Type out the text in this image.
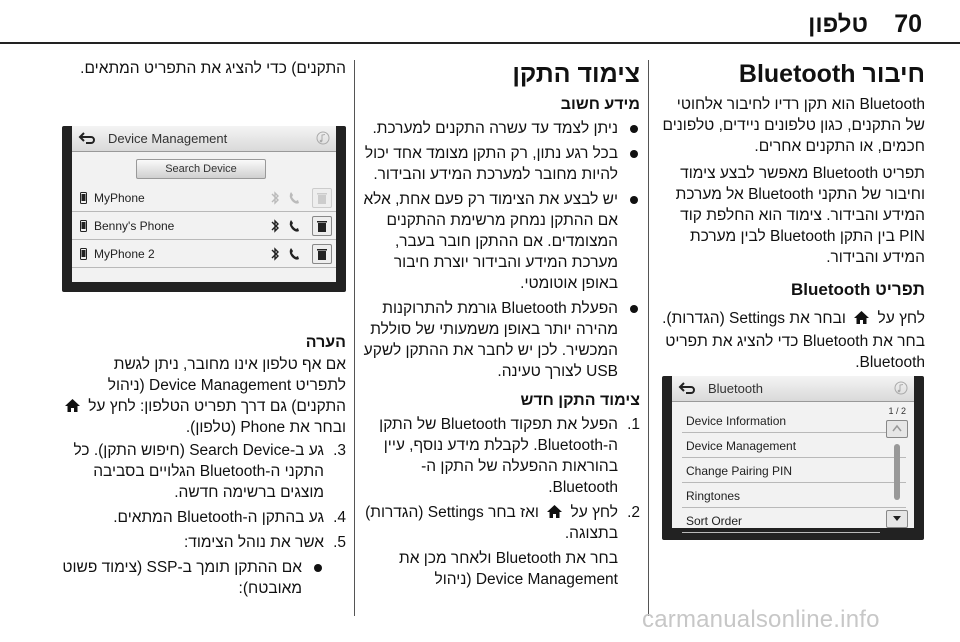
70
טלפון
חיבור Bluetooth

Bluetooth הוא תקן רדיו לחיבור אלחוטי של התקנים, כגון טלפונים ניידים, טלפונים חכמים, או התקנים אחרים.

תפריט Bluetooth מאפשר לבצע צימוד וחיבור של התקני Bluetooth אל מערכת המידע והבידור. צימוד הוא החלפת קוד PIN בין התקן Bluetooth לבין מערכת המידע והבידור.

תפריט Bluetooth

לחץ על  ובחר את Settings (הגדרות).

בחר את Bluetooth כדי להציג את תפריט Bluetooth.

Bluetooth
Device Information
Device Management
Change Pairing PIN
Ringtones
Sort Order
1 / 2
צימוד התקן
מידע חשוב
ניתן לצמד עד עשרה התקנים למערכת.
בכל רגע נתון, רק התקן מצומד אחד יכול להיות מחובר למערכת המידע והבידור.
יש לבצע את הצימוד רק פעם אחת, אלא אם ההתקן נמחק מרשימת ההתקנים המצומדים. אם ההתקן חובר בעבר, מערכת המידע והבידור יוצרת חיבור באופן אוטומטי.
הפעלת Bluetooth גורמת להתרוקנות מהירה יותר באופן משמעותי של סוללת המכשיר. לכן יש לחבר את ההתקן לשקע USB לצורך טעינה.
צימוד התקן חדש
1.
הפעל את תפקוד Bluetooth של התקן ה-Bluetooth. לקבלת מידע נוסף, עיין בהוראות ההפעלה של התקן ה-Bluetooth.
2.
לחץ על  ואז בחר Settings (הגדרות) בתצוגה.

בחר את Bluetooth ולאחר מכן את Device Management (ניהול

התקנים) כדי להציג את התפריט המתאים.

Device Management
Search Device
MyPhone
Benny's Phone
MyPhone 2
הערה

אם אף טלפון אינו מחובר, ניתן לגשת לתפריט Device Management (ניהול התקנים) גם דרך תפריט הטלפון: לחץ על  ובחר את Phone (טלפון).

3.
גע ב-Search Device (חיפוש התקן). כל התקני ה-Bluetooth הגלויים בסביבה מוצגים ברשימה חדשה.
4.
גע בהתקן ה-Bluetooth המתאים.
5.
אשר את נוהל הצימוד:
אם ההתקן תומך ב-SSP (צימוד פשוט מאובטח):
carmanualsonline.info
